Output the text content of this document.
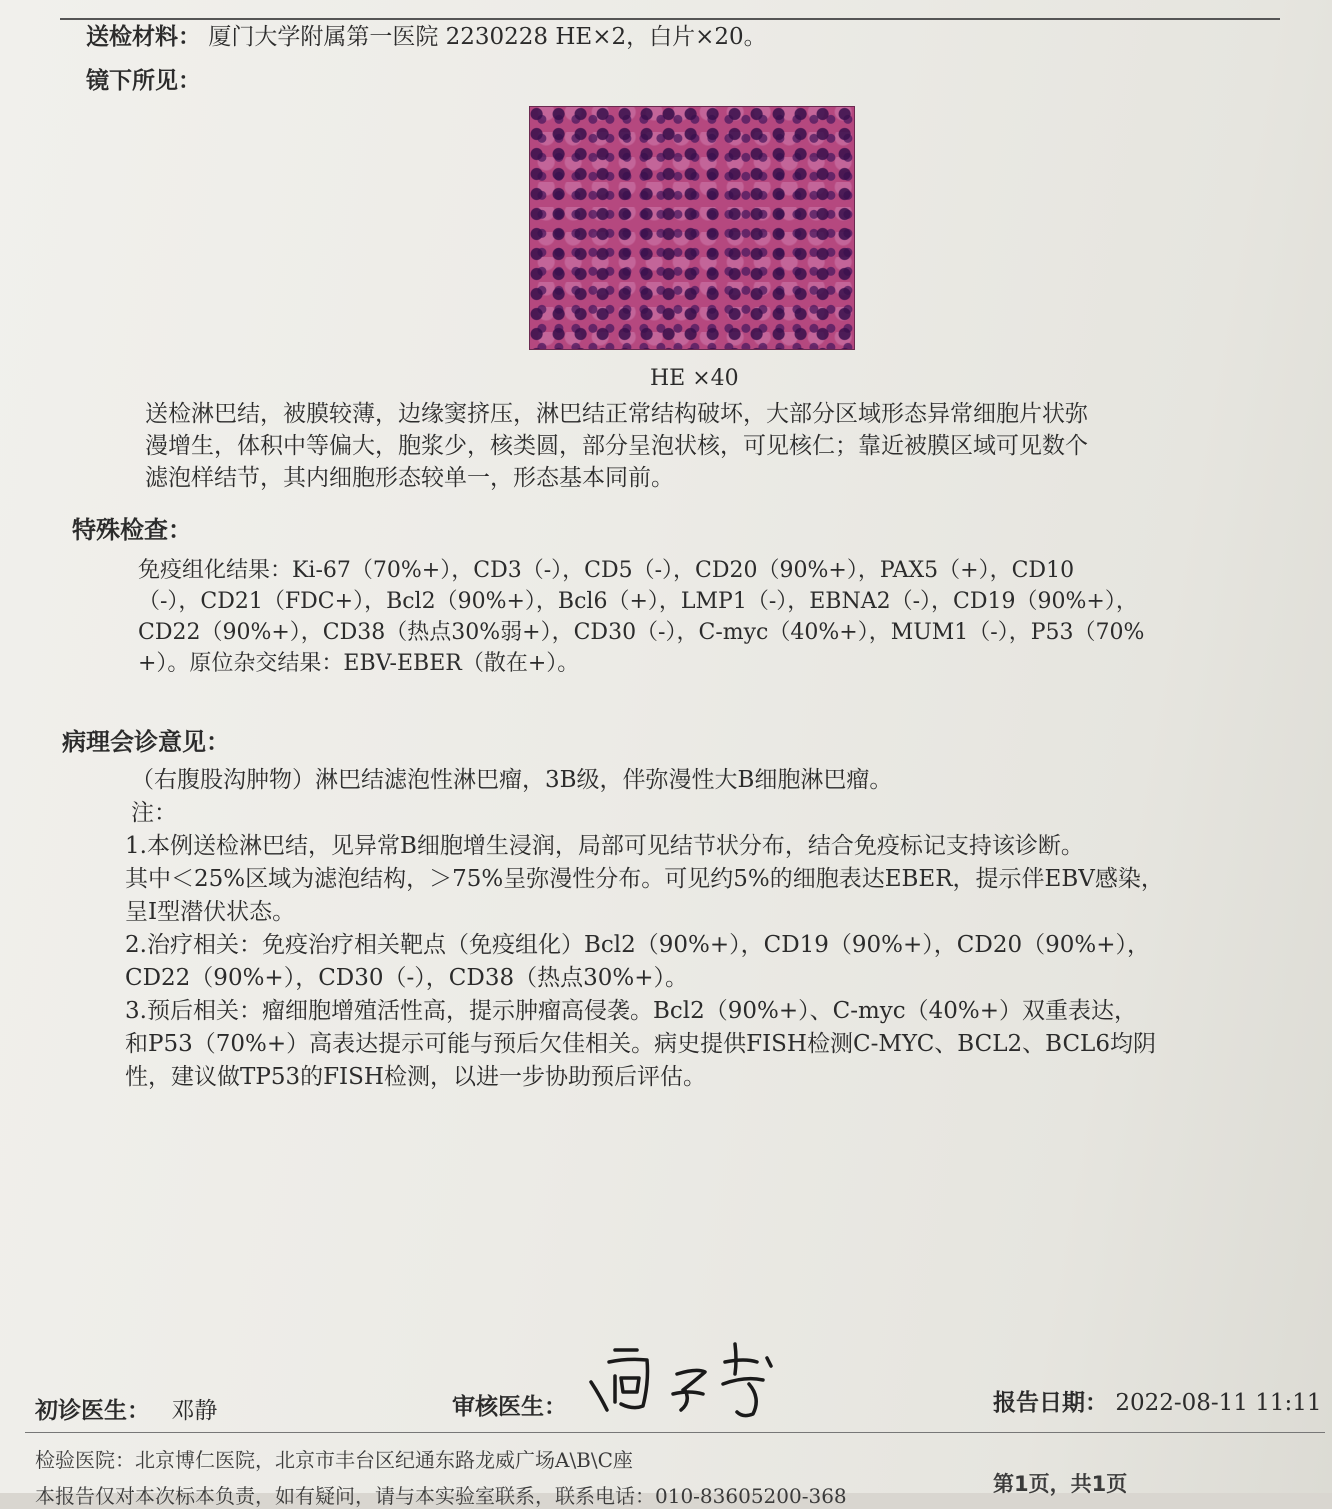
送检材料： 厦门大学附属第一医院 2230228 HE×2，白片×20。
镜下所见：
HE ×40
送检淋巴结，被膜较薄，边缘窦挤压，淋巴结正常结构破坏，大部分区域形态异常细胞片状弥
漫增生，体积中等偏大，胞浆少，核类圆，部分呈泡状核，可见核仁；靠近被膜区域可见数个
滤泡样结节，其内细胞形态较单一，形态基本同前。
特殊检查：
免疫组化结果：Ki-67（70%+），CD3（-），CD5（-），CD20（90%+），PAX5（+），CD10
（-），CD21（FDC+），Bcl2（90%+），Bcl6（+），LMP1（-），EBNA2（-），CD19（90%+），
CD22（90%+），CD38（热点30%弱+），CD30（-），C-myc（40%+），MUM1（-），P53（70%
+）。原位杂交结果：EBV-EBER（散在+）。
病理会诊意见：
（右腹股沟肿物）淋巴结滤泡性淋巴瘤，3B级，伴弥漫性大B细胞淋巴瘤。
注：
1.本例送检淋巴结，见异常B细胞增生浸润，局部可见结节状分布，结合免疫标记支持该诊断。
其中＜25%区域为滤泡结构，＞75%呈弥漫性分布。可见约5%的细胞表达EBER，提示伴EBV感染，
呈I型潜伏状态。
2.治疗相关：免疫治疗相关靶点（免疫组化）Bcl2（90%+），CD19（90%+），CD20（90%+），
CD22（90%+），CD30（-），CD38（热点30%+）。
3.预后相关：瘤细胞增殖活性高，提示肿瘤高侵袭。Bcl2（90%+）、C-myc（40%+）双重表达，
和P53（70%+）高表达提示可能与预后欠佳相关。病史提供FISH检测C-MYC、BCL2、BCL6均阴
性，建议做TP53的FISH检测，以进一步协助预后评估。
初诊医生： 邓静	审核医生：	报告日期： 2022-08-11 11:11
检验医院：北京博仁医院，北京市丰台区纪通东路龙威广场A\B\C座
本报告仅对本次标本负责，如有疑问，请与本实验室联系，联系电话：010-83605200-368	第1页，共1页
